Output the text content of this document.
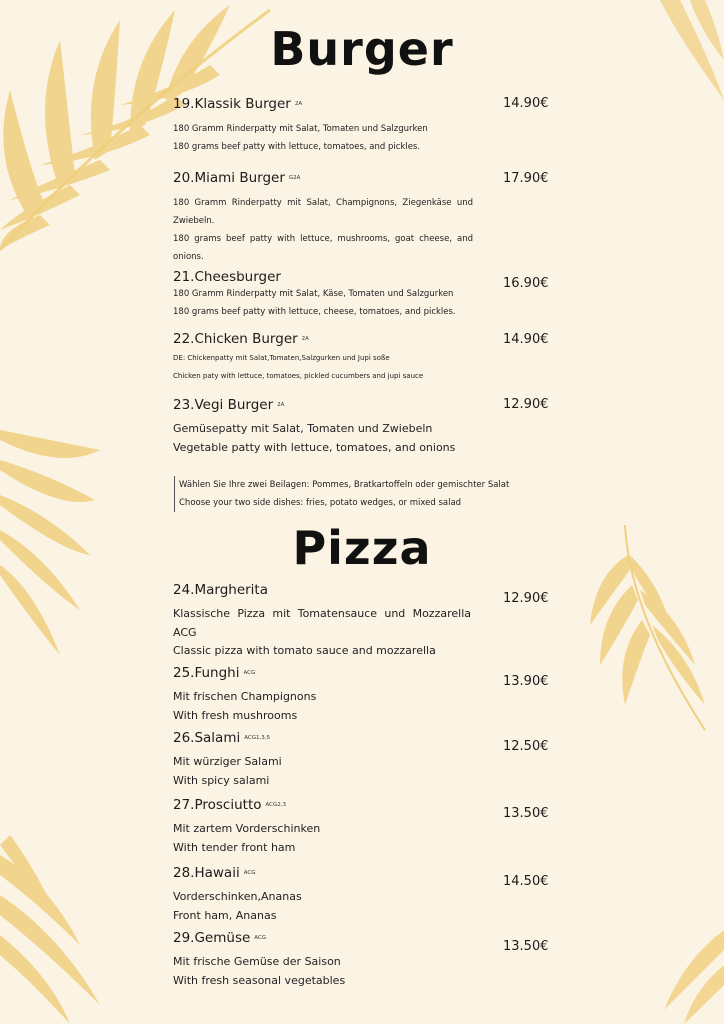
Burger
19.Klassik Burger 2A
180 Gramm Rinderpatty mit Salat, Tomaten und Salzgurken
180 grams beef patty with lettuce, tomatoes, and pickles.
14.90€
20.Miami Burger G2A
180 Gramm Rinderpatty mit Salat, Champignons, Ziegenkäse und Zwiebeln.
180 grams beef patty with lettuce, mushrooms, goat cheese, and onions.
17.90€
21.Cheesburger
180 Gramm Rinderpatty mit Salat, Käse, Tomaten und Salzgurken
180 grams beef patty with lettuce, cheese, tomatoes, and pickles.
16.90€
22.Chicken Burger 2A
DE: Chickenpatty mit Salat,Tomaten,Salzgurken und Jupi soße
Chicken paty with lettuce, tomatoes, pickled cucumbers and jupi sauce
14.90€
23.Vegi Burger 2A
Gemüsepatty mit Salat, Tomaten und Zwiebeln
Vegetable patty with lettuce, tomatoes, and onions
12.90€
Wählen Sie Ihre zwei Beilagen: Pommes, Bratkartoffeln oder gemischter Salat
Choose your two side dishes: fries, potato wedges, or mixed salad
Pizza
24.Margherita
Klassische Pizza mit Tomatensauce und Mozzarella ACG
Classic pizza with tomato sauce and mozzarella
12.90€
25.Funghi ACG
Mit frischen Champignons
With fresh mushrooms
13.90€
26.Salami ACG1,3,5
Mit würziger Salami
With spicy salami
12.50€
27.Prosciutto ACG2,3
Mit zartem Vorderschinken
With tender front ham
13.50€
28.Hawaii ACG
Vorderschinken,Ananas
Front ham, Ananas
14.50€
29.Gemüse ACG
Mit frische Gemüse der Saison
With fresh seasonal vegetables
13.50€
